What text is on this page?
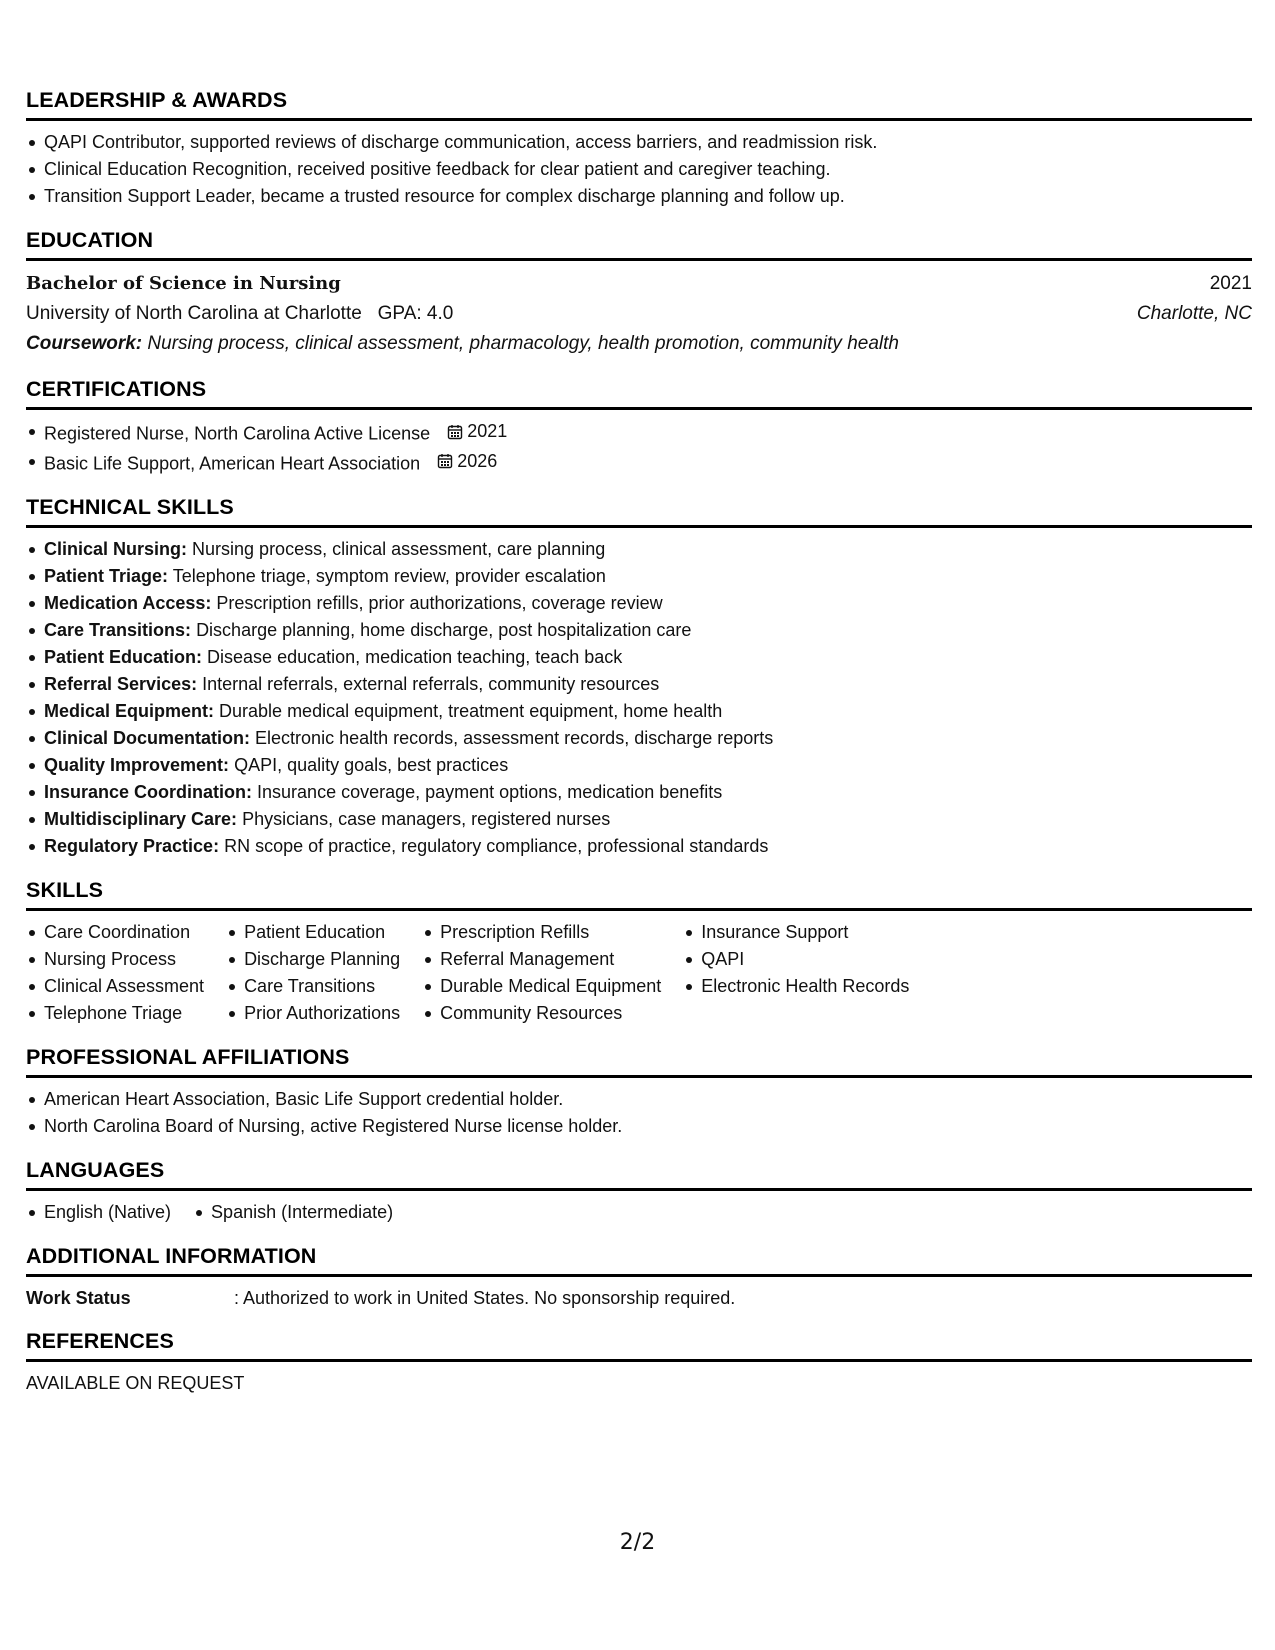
LEADERSHIP & AWARDS
QAPI Contributor, supported reviews of discharge communication, access barriers, and readmission risk.
Clinical Education Recognition, received positive feedback for clear patient and caregiver teaching.
Transition Support Leader, became a trusted resource for complex discharge planning and follow up.
EDUCATION
Bachelor of Science in Nursing	2021
University of North Carolina at Charlotte GPA: 4.0	Charlotte, NC
Coursework: Nursing process, clinical assessment, pharmacology, health promotion, community health
CERTIFICATIONS
Registered Nurse, North Carolina Active License 2021
Basic Life Support, American Heart Association 2026
TECHNICAL SKILLS
Clinical Nursing: Nursing process, clinical assessment, care planning
Patient Triage: Telephone triage, symptom review, provider escalation
Medication Access: Prescription refills, prior authorizations, coverage review
Care Transitions: Discharge planning, home discharge, post hospitalization care
Patient Education: Disease education, medication teaching, teach back
Referral Services: Internal referrals, external referrals, community resources
Medical Equipment: Durable medical equipment, treatment equipment, home health
Clinical Documentation: Electronic health records, assessment records, discharge reports
Quality Improvement: QAPI, quality goals, best practices
Insurance Coordination: Insurance coverage, payment options, medication benefits
Multidisciplinary Care: Physicians, case managers, registered nurses
Regulatory Practice: RN scope of practice, regulatory compliance, professional standards
SKILLS
Care Coordination
Nursing Process
Clinical Assessment
Telephone Triage
Patient Education
Discharge Planning
Care Transitions
Prior Authorizations
Prescription Refills
Referral Management
Durable Medical Equipment
Community Resources
Insurance Support
QAPI
Electronic Health Records
PROFESSIONAL AFFILIATIONS
American Heart Association, Basic Life Support credential holder.
North Carolina Board of Nursing, active Registered Nurse license holder.
LANGUAGES
English (Native)	Spanish (Intermediate)
ADDITIONAL INFORMATION
Work Status	: Authorized to work in United States. No sponsorship required.
REFERENCES
AVAILABLE ON REQUEST
2/2
